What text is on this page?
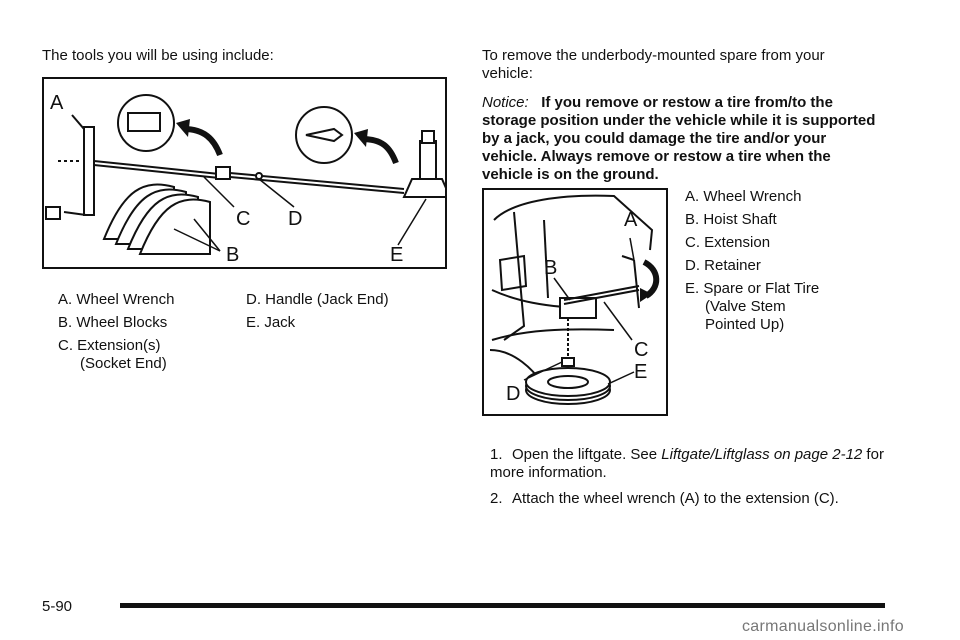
The tools you will be using include:
A
B
C D
E
A. Wheel Wrench
B. Wheel Blocks
C. Extension(s)
(Socket End)
D. Handle (Jack End)
E. Jack
To remove the underbody-mounted spare from your vehicle:
Notice: If you remove or restow a tire from/to the storage position under the vehicle while it is supported by a jack, you could damage the tire and/or your vehicle. Always remove or restow a tire when the vehicle is on the ground.
A
B
C
D
E
A. Wheel Wrench
B. Hoist Shaft
C. Extension
D. Retainer
E. Spare or Flat Tire
(Valve Stem
Pointed Up)
1. Open the liftgate. See Liftgate/Liftglass on page 2-12 for more information.
2. Attach the wheel wrench (A) to the extension (C).
5-90
carmanualsonline.info
